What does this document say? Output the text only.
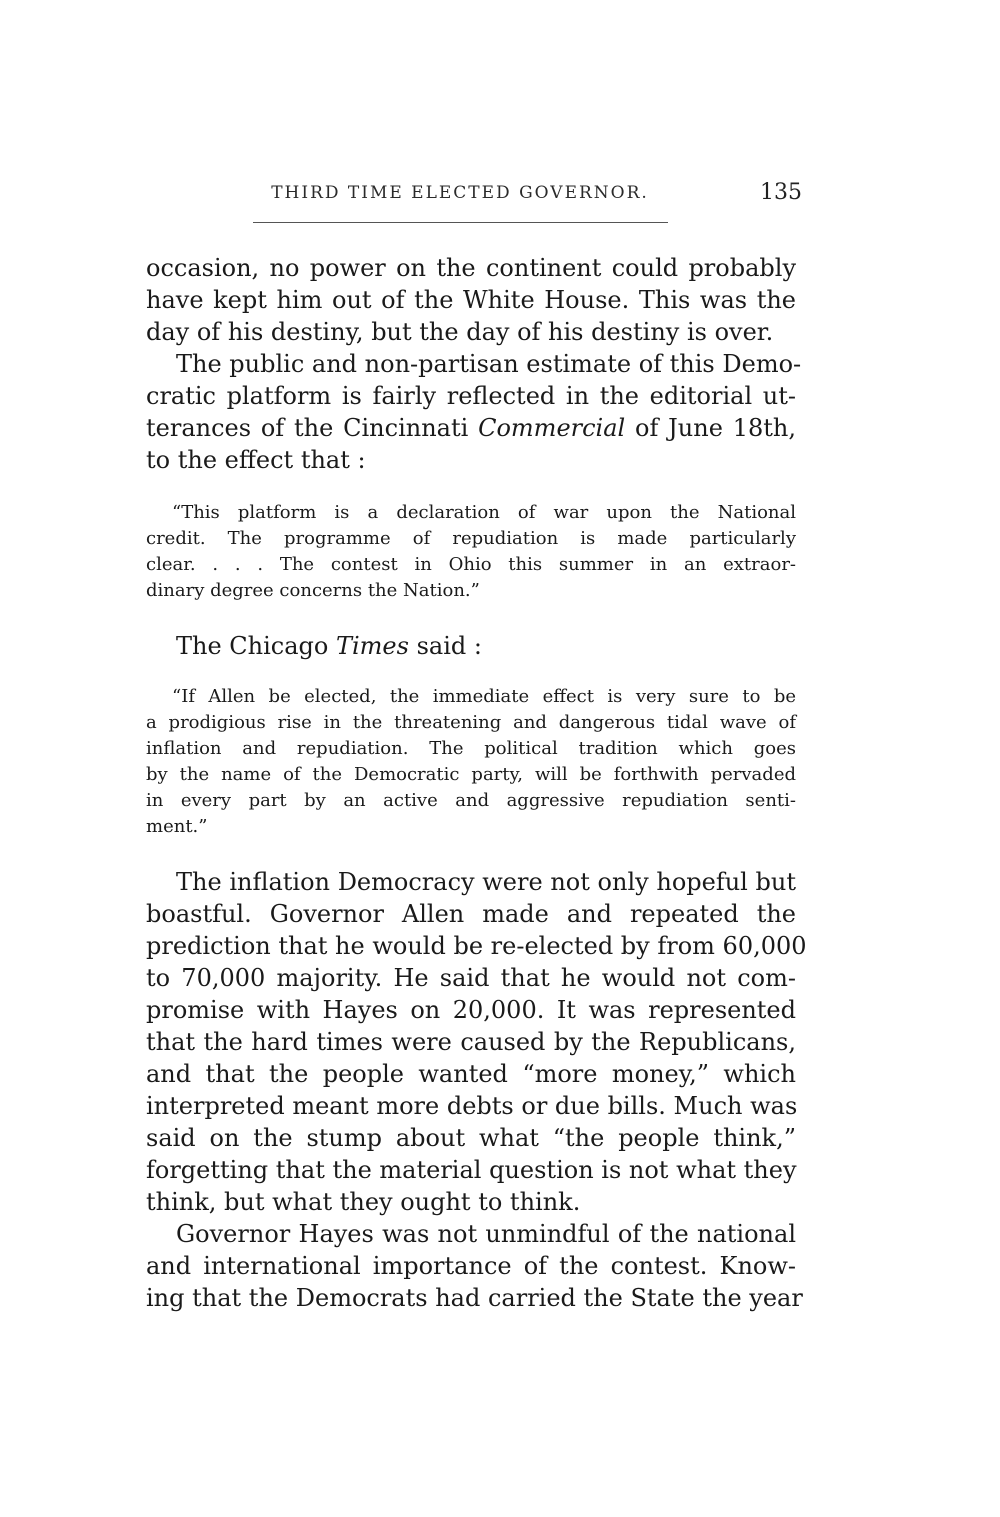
THIRD TIME ELECTED GOVERNOR.	135
occasion, no power on the continent could probably
have kept him out of the White House. This was the
day of his destiny, but the day of his destiny is over.
The public and non-partisan estimate of this Demo-
cratic platform is fairly reflected in the editorial ut-
terances of the Cincinnati Commercial of June 18th,
to the effect that :
“This platform is a declaration of war upon the National
credit. The programme of repudiation is made particularly
clear. . . . The contest in Ohio this summer in an extraor-
dinary degree concerns the Nation.”
The Chicago Times said :
“If Allen be elected, the immediate effect is very sure to be
a prodigious rise in the threatening and dangerous tidal wave of
inflation and repudiation. The political tradition which goes
by the name of the Democratic party, will be forthwith pervaded
in every part by an active and aggressive repudiation senti-
ment.”
The inflation Democracy were not only hopeful but
boastful. Governor Allen made and repeated the
prediction that he would be re-elected by from 60,000
to 70,000 majority. He said that he would not com-
promise with Hayes on 20,000. It was represented
that the hard times were caused by the Republicans,
and that the people wanted “more money,” which
interpreted meant more debts or due bills. Much was
said on the stump about what “the people think,”
forgetting that the material question is not what they
think, but what they ought to think.
Governor Hayes was not unmindful of the national
and international importance of the contest. Know-
ing that the Democrats had carried the State the year
